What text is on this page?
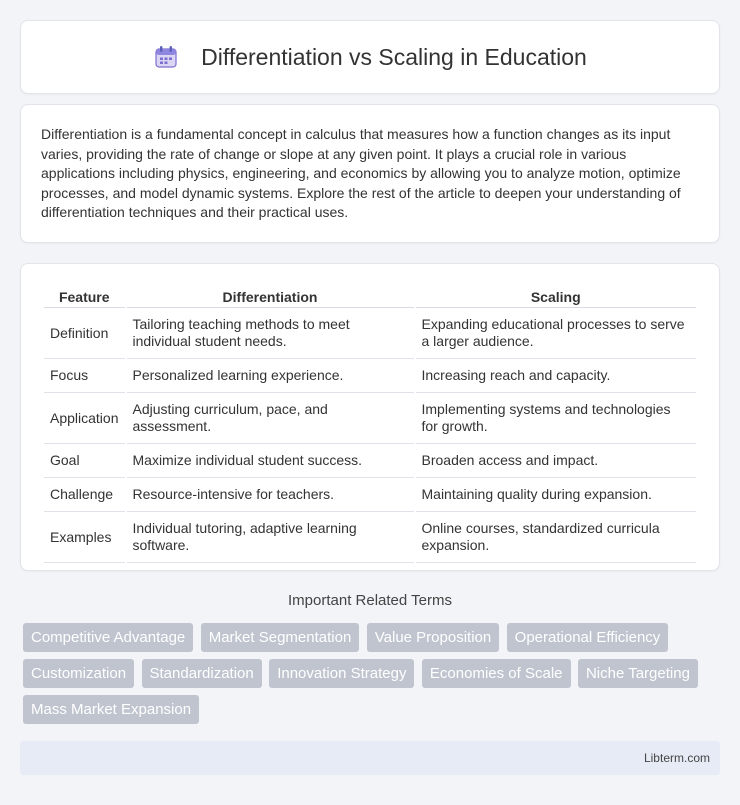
Differentiation vs Scaling in Education

Differentiation is a fundamental concept in calculus that measures how a function changes as its input varies, providing the rate of change or slope at any given point. It plays a crucial role in various applications including physics, engineering, and economics by allowing you to analyze motion, optimize processes, and model dynamic systems. Explore the rest of the article to deepen your understanding of differentiation techniques and their practical uses.

Feature	Differentiation	Scaling
Definition	Tailoring teaching methods to meet individual student needs.	Expanding educational processes to serve a larger audience.
Focus	Personalized learning experience.	Increasing reach and capacity.
Application	Adjusting curriculum, pace, and assessment.	Implementing systems and technologies for growth.
Goal	Maximize individual student success.	Broaden access and impact.
Challenge	Resource-intensive for teachers.	Maintaining quality during expansion.
Examples	Individual tutoring, adaptive learning software.	Online courses, standardized curricula expansion.
Important Related Terms
Competitive Advantage Market Segmentation Value Proposition Operational Efficiency Customization Standardization Innovation Strategy Economies of Scale Niche Targeting Mass Market Expansion
Libterm.com
